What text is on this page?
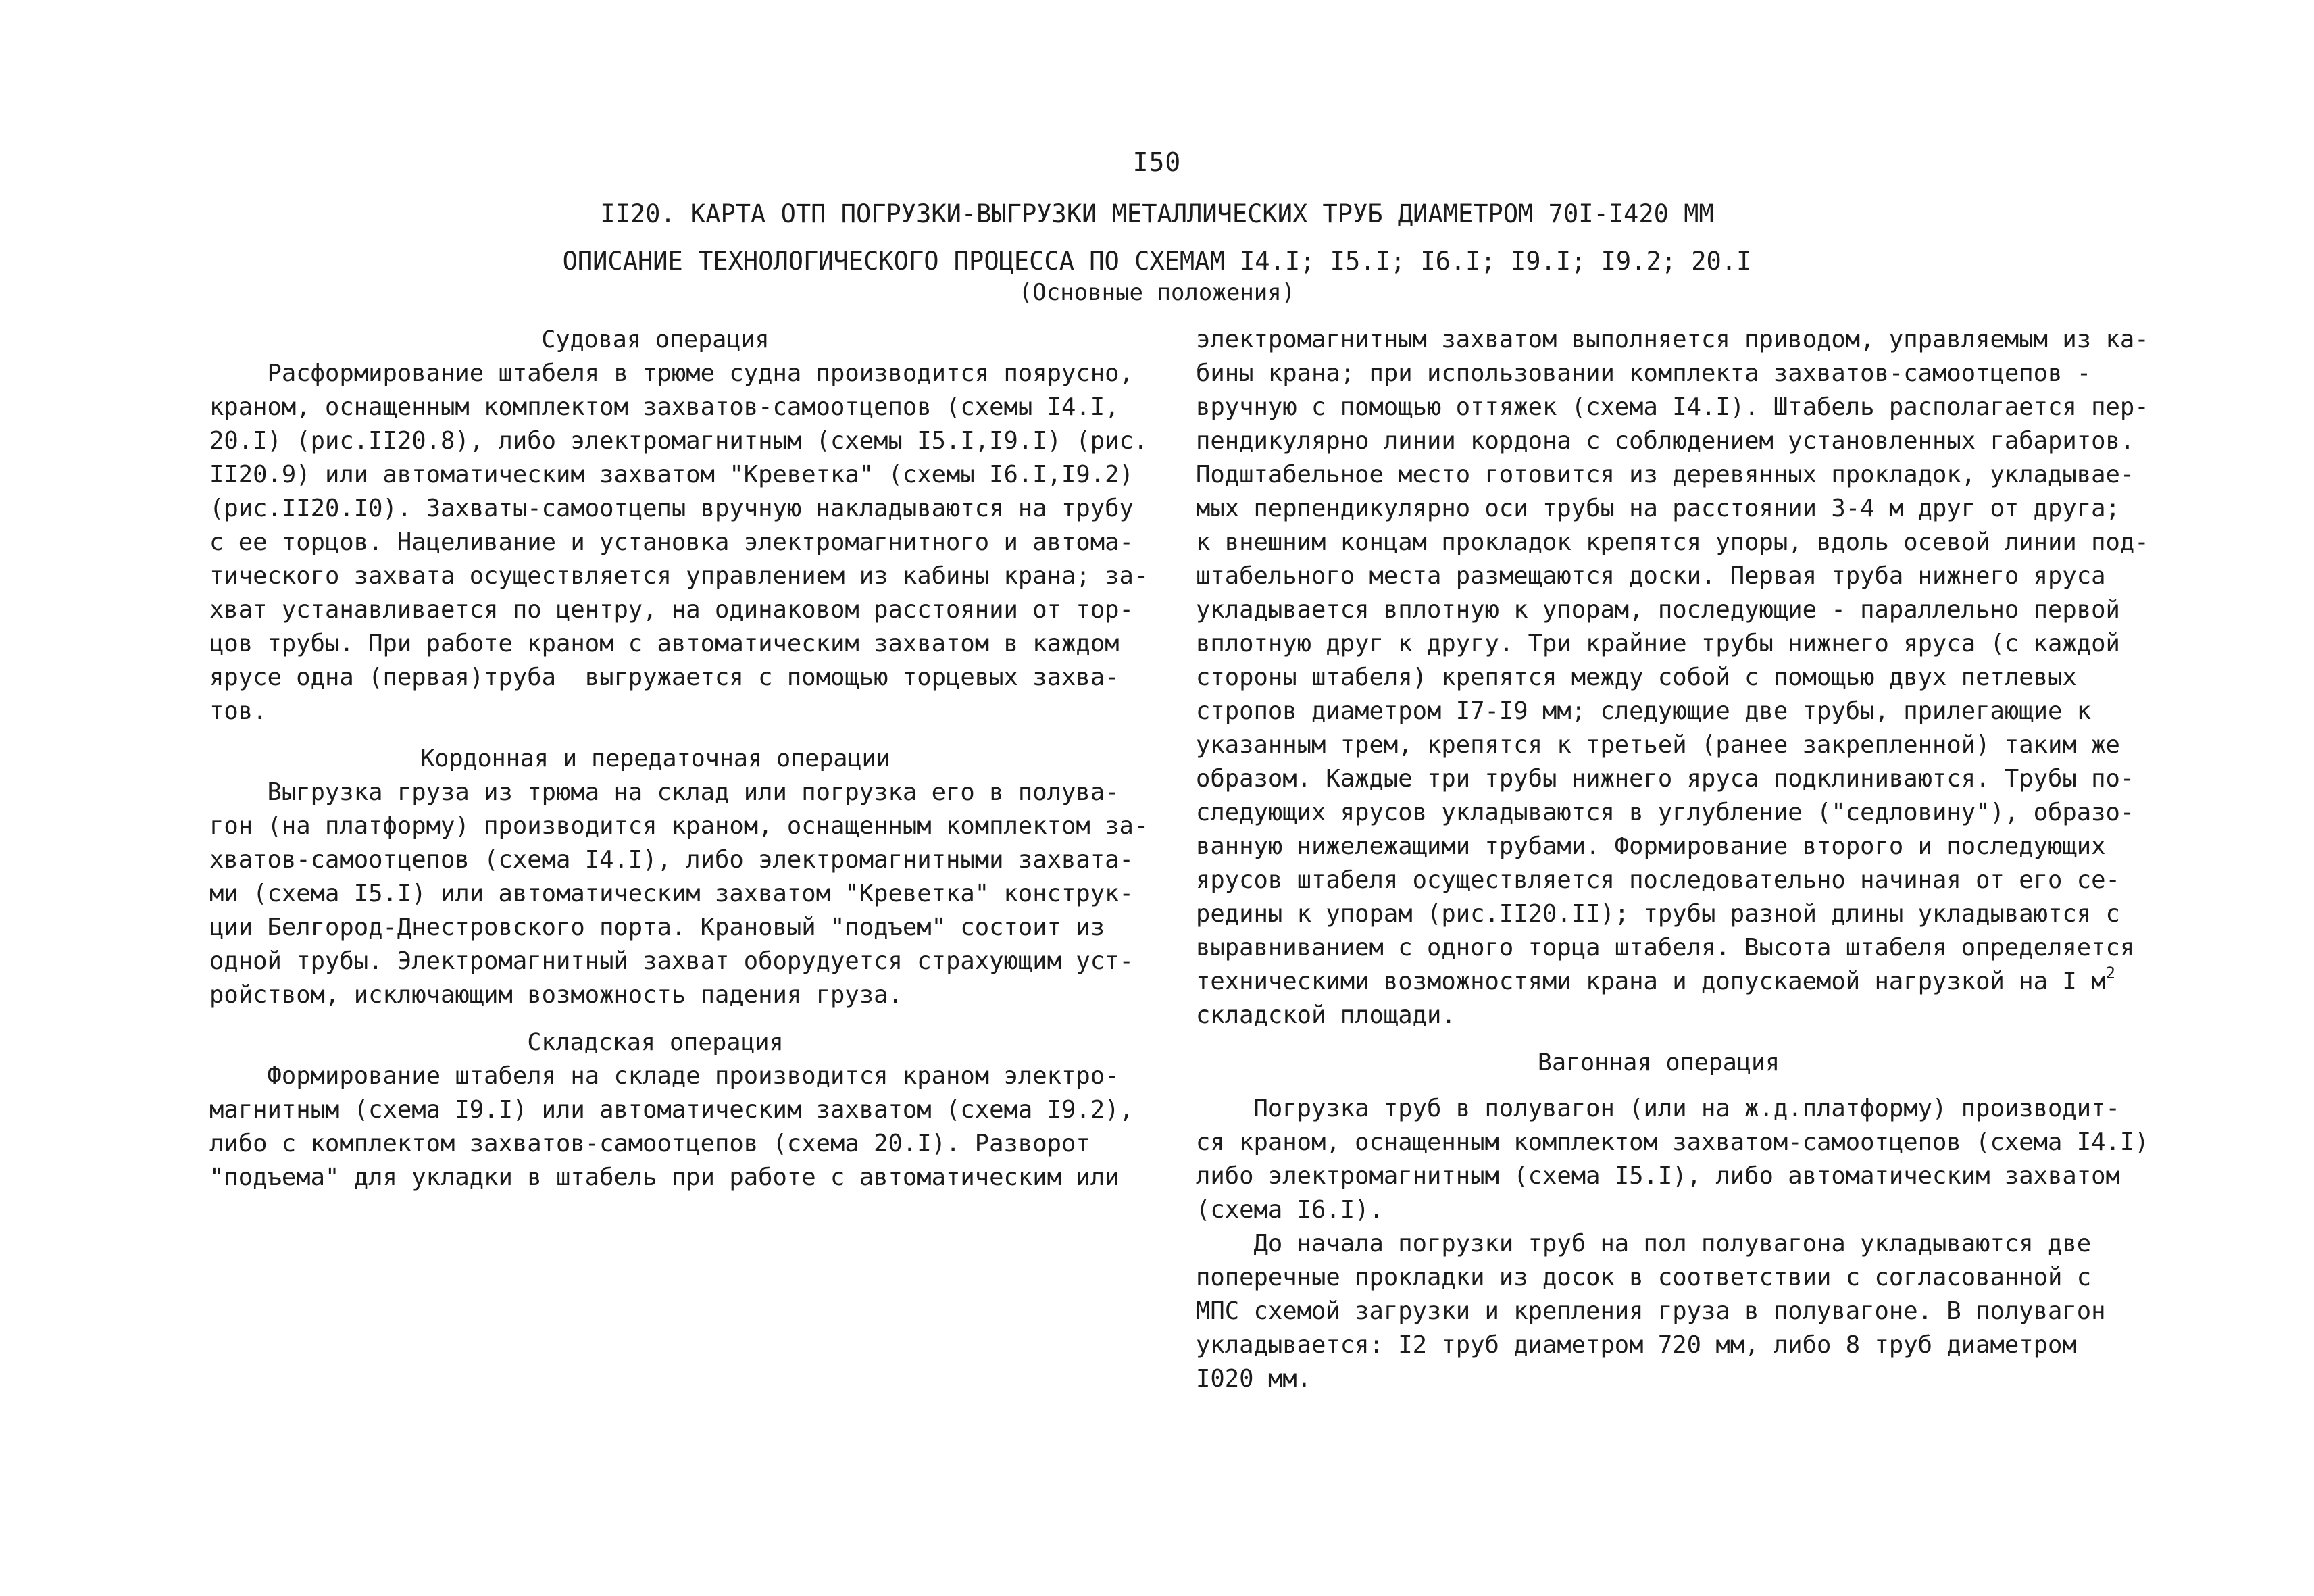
I50
II20. КАРТА ОТП ПОГРУЗКИ-ВЫГРУЗКИ МЕТАЛЛИЧЕСКИХ ТРУБ ДИАМЕТРОМ 70I-I420 ММ
ОПИСАНИЕ ТЕХНОЛОГИЧЕСКОГО ПРОЦЕССА ПО СХЕМАМ I4.I; I5.I; I6.I; I9.I; I9.2; 20.I
(Основные положения)
Судовая операция
Расформирование штабеля в трюме судна производится поярусно,
краном, оснащенным комплектом захватов-самоотцепов (схемы I4.I,
20.I) (рис.II20.8), либо электромагнитным (схемы I5.I,I9.I) (рис.
II20.9) или автоматическим захватом "Креветка" (схемы I6.I,I9.2)
(рис.II20.I0). Захваты-самоотцепы вручную накладываются на трубу
с ее торцов. Нацеливание и установка электромагнитного и автома-
тического захвата осуществляется управлением из кабины крана; за-
хват устанавливается по центру, на одинаковом расстоянии от тор-
цов трубы. При работе краном с автоматическим захватом в каждом
ярусе одна (первая)труба  выгружается с помощью торцевых захва-
тов.
Кордонная и передаточная операции
Выгрузка груза из трюма на склад или погрузка его в полува-
гон (на платформу) производится краном, оснащенным комплектом за-
хватов-самоотцепов (схема I4.I), либо электромагнитными захвата-
ми (схема I5.I) или автоматическим захватом "Креветка" конструк-
ции Белгород-Днестровского порта. Крановый "подъем" состоит из
одной трубы. Электромагнитный захват оборудуется страхующим уст-
ройством, исключающим возможность падения груза.
Складская операция
Формирование штабеля на складе производится краном электро-
магнитным (схема I9.I) или автоматическим захватом (схема I9.2),
либо с комплектом захватов-самоотцепов (схема 20.I). Разворот
"подъема" для укладки в штабель при работе с автоматическим или
электромагнитным захватом выполняется приводом, управляемым из ка-
бины крана; при использовании комплекта захватов-самоотцепов -
вручную с помощью оттяжек (схема I4.I). Штабель располагается пер-
пендикулярно линии кордона с соблюдением установленных габаритов.
Подштабельное место готовится из деревянных прокладок, укладывае-
мых перпендикулярно оси трубы на расстоянии 3-4 м друг от друга;
к внешним концам прокладок крепятся упоры, вдоль осевой линии под-
штабельного места размещаются доски. Первая труба нижнего яруса
укладывается вплотную к упорам, последующие - параллельно первой
вплотную друг к другу. Три крайние трубы нижнего яруса (с каждой
стороны штабеля) крепятся между собой с помощью двух петлевых
стропов диаметром I7-I9 мм; следующие две трубы, прилегающие к
указанным трем, крепятся к третьей (ранее закрепленной) таким же
образом. Каждые три трубы нижнего яруса подклиниваются. Трубы по-
следующих ярусов укладываются в углубление ("седловину"), образо-
ванную нижележащими трубами. Формирование второго и последующих
ярусов штабеля осуществляется последовательно начиная от его се-
редины к упорам (рис.II20.II); трубы разной длины укладываются с
выравниванием с одного торца штабеля. Высота штабеля определяется
техническими возможностями крана и допускаемой нагрузкой на I $м^2$
складской площади.
Вагонная операция
Погрузка труб в полувагон (или на ж.д.платформу) производит-
ся краном, оснащенным комплектом захватом-самоотцепов (схема I4.I)
либо электромагнитным (схема I5.I), либо автоматическим захватом
(схема I6.I).
До начала погрузки труб на пол полувагона укладываются две
поперечные прокладки из досок в соответствии с согласованной с
МПС схемой загрузки и крепления груза в полувагоне. В полувагон
укладывается: I2 труб диаметром 720 мм, либо 8 труб диаметром
I020 мм.
